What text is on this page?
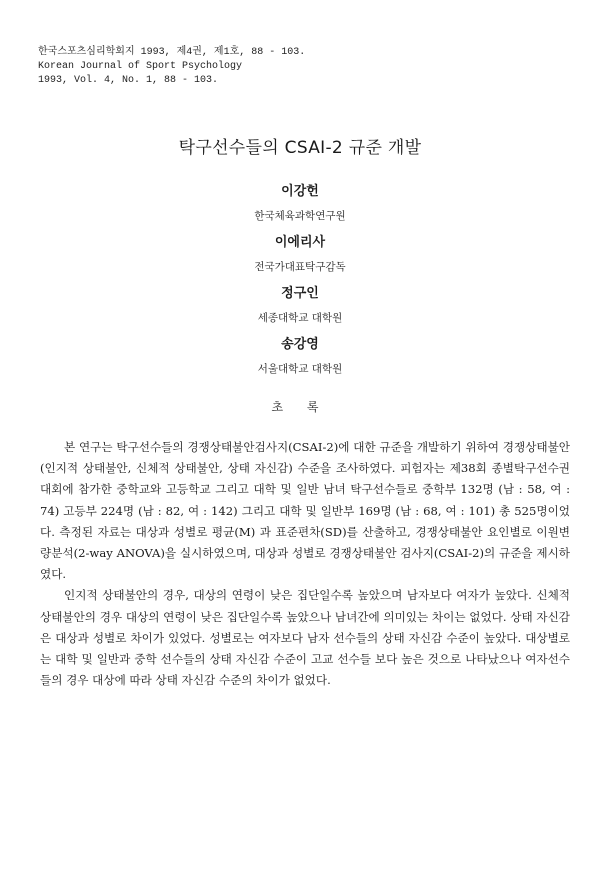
한국스포츠심리학회지 1993, 제4권, 제1호, 88 - 103.
Korean Journal of Sport Psychology
1993, Vol. 4, No. 1, 88 - 103.
탁구선수들의 CSAI-2 규준 개발
이강헌
한국체육과학연구원
이에리사
전국가대표탁구감독
정구인
세종대학교 대학원
송강영
서울대학교 대학원
초 록

본 연구는 탁구선수들의 경쟁상태불안검사지(CSAI-2)에 대한 규준을 개발하기 위하여 경쟁상태불안(인지적 상태불안, 신체적 상태불안, 상태 자신감) 수준을 조사하였다. 피험자는 제38회 종별탁구선수권 대회에 참가한 중학교와 고등학교 그리고 대학 및 일반 남녀 탁구선수들로 중학부 132명 (남 : 58, 여 : 74) 고등부 224명 (남 : 82, 여 : 142) 그리고 대학 및 일반부 169명 (남 : 68, 여 : 101) 총 525명이었다. 측정된 자료는 대상과 성별로 평균(M) 과 표준편차(SD)를 산출하고, 경쟁상태불안 요인별로 이원변량분석(2-way ANOVA)을 실시하였으며, 대상과 성별로 경쟁상태불안 검사지(CSAI-2)의 규준을 제시하였다.

인지적 상태불안의 경우, 대상의 연령이 낮은 집단일수록 높았으며 남자보다 여자가 높았다. 신체적 상태불안의 경우 대상의 연령이 낮은 집단일수록 높았으나 남녀간에 의미있는 차이는 없었다. 상태 자신감은 대상과 성별로 차이가 있었다. 성별로는 여자보다 남자 선수들의 상태 자신감 수준이 높았다. 대상별로는 대학 및 일반과 중학 선수들의 상태 자신감 수준이 고교 선수들 보다 높은 것으로 나타났으나 여자선수들의 경우 대상에 따라 상태 자신감 수준의 차이가 없었다.
